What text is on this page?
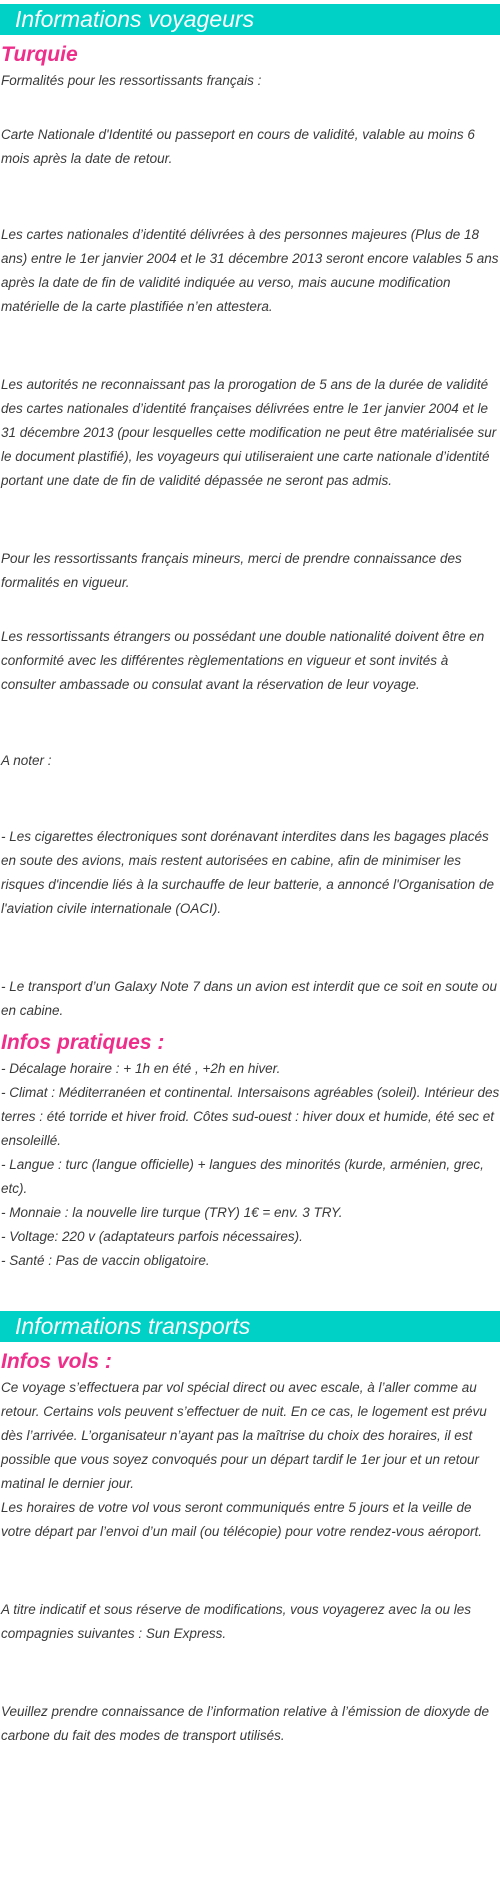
Informations voyageurs
Turquie
Formalités pour les ressortissants français :
Carte Nationale d'Identité ou passeport en cours de validité, valable au moins 6 mois après la date de retour.
Les cartes nationales d’identité délivrées à des personnes majeures (Plus de 18 ans) entre le 1er janvier 2004 et le 31 décembre 2013 seront encore valables 5 ans après la date de fin de validité indiquée au verso, mais aucune modification matérielle de la carte plastifiée n’en attestera.
Les autorités ne reconnaissant pas la prorogation de 5 ans de la durée de validité des cartes nationales d’identité françaises délivrées entre le 1er janvier 2004 et le 31 décembre 2013 (pour lesquelles cette modification ne peut être matérialisée sur le document plastifié), les voyageurs qui utiliseraient une carte nationale d’identité portant une date de fin de validité dépassée ne seront pas admis.
Pour les ressortissants français mineurs, merci de prendre connaissance des formalités en vigueur.
Les ressortissants étrangers ou possédant une double nationalité doivent être en conformité avec les différentes règlementations en vigueur et sont invités à consulter ambassade ou consulat avant la réservation de leur voyage.
A noter :
- Les cigarettes électroniques sont dorénavant interdites dans les bagages placés en soute des avions, mais restent autorisées en cabine, afin de minimiser les risques d'incendie liés à la surchauffe de leur batterie, a annoncé l'Organisation de l'aviation civile internationale (OACI).
- Le transport d’un Galaxy Note 7 dans un avion est interdit que ce soit en soute ou en cabine.
Infos pratiques :
- Décalage horaire : + 1h en été , +2h en hiver.
- Climat : Méditerranéen et continental. Intersaisons agréables (soleil). Intérieur des terres : été torride et hiver froid. Côtes sud-ouest : hiver doux et humide, été sec et ensoleillé.
- Langue : turc (langue officielle) + langues des minorités (kurde, arménien, grec, etc).
- Monnaie : la nouvelle lire turque (TRY) 1€ = env. 3 TRY.
- Voltage: 220 v (adaptateurs parfois nécessaires).
- Santé : Pas de vaccin obligatoire.
Informations transports
Infos vols :
Ce voyage s’effectuera par vol spécial direct ou avec escale, à l’aller comme au retour. Certains vols peuvent s’effectuer de nuit. En ce cas, le logement est prévu dès l’arrivée. L’organisateur n’ayant pas la maîtrise du choix des horaires, il est possible que vous soyez convoqués pour un départ tardif le 1er jour et un retour matinal le dernier jour.
Les horaires de votre vol vous seront communiqués entre 5 jours et la veille de votre départ par l’envoi d’un mail (ou télécopie) pour votre rendez-vous aéroport.
A titre indicatif et sous réserve de modifications, vous voyagerez avec la ou les compagnies suivantes : Sun Express.
Veuillez prendre connaissance de l’information relative à l’émission de dioxyde de carbone du fait des modes de transport utilisés.
